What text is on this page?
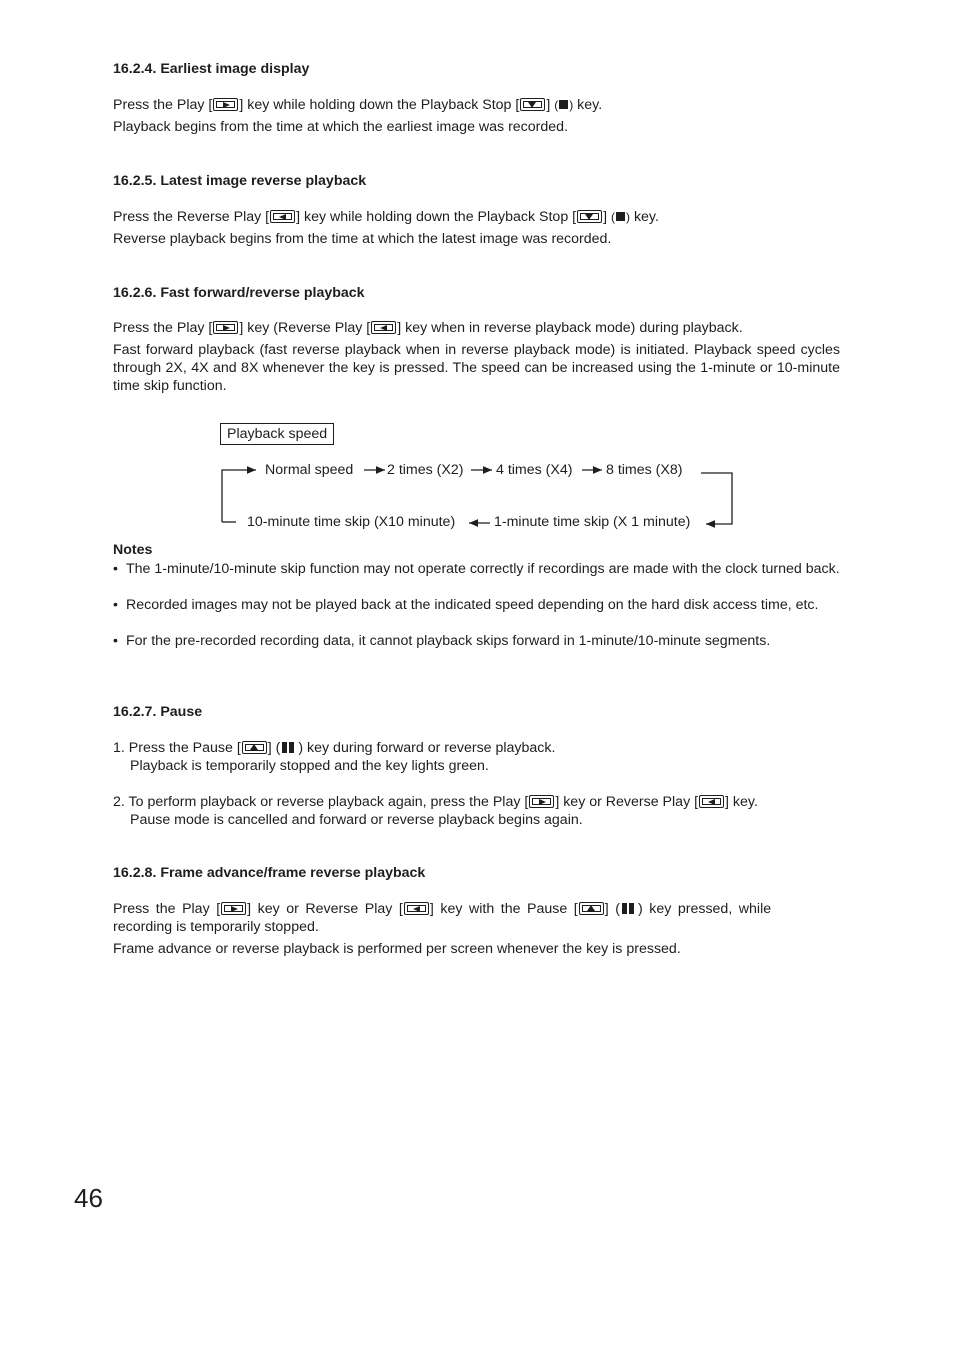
16.2.4. Earliest image display
Press the Play [ ] key while holding down the Playback Stop [ ] ( ) key.
Playback begins from the time at which the earliest image was recorded.
16.2.5. Latest image reverse playback
Press the Reverse Play [ ] key while holding down the Playback Stop [ ] ( ) key.
Reverse playback begins from the time at which the latest image was recorded.
16.2.6. Fast forward/reverse playback
Press the Play [ ] key (Reverse Play [ ] key when in reverse playback mode) during playback.
Fast forward playback (fast reverse playback when in reverse playback mode) is initiated. Playback speed cycles through 2X, 4X and 8X whenever the key is pressed. The speed can be increased using the 1-minute or 10-minute time skip function.
Playback speed
Normal speed 2 times (X2) 4 times (X4) 8 times (X8)
10-minute time skip (X10 minute)	1-minute time skip (X 1 minute)
Notes
• The 1-minute/10-minute skip function may not operate correctly if recordings are made with the clock turned back.
• Recorded images may not be played back at the indicated speed depending on the hard disk access time, etc.
• For the pre-recorded recording data, it cannot playback skips forward in 1-minute/10-minute segments.
16.2.7. Pause
1. Press the Pause [ ] ( ) key during forward or reverse playback.
Playback is temporarily stopped and the key lights green.
2. To perform playback or reverse playback again, press the Play [ ] key or Reverse Play [ ] key.
Pause mode is cancelled and forward or reverse playback begins again.
16.2.8. Frame advance/frame reverse playback
Press the Play [ ] key or Reverse Play [ ] key with the Pause [ ] ( ) key pressed, while
recording is temporarily stopped.
Frame advance or reverse playback is performed per screen whenever the key is pressed.
46
